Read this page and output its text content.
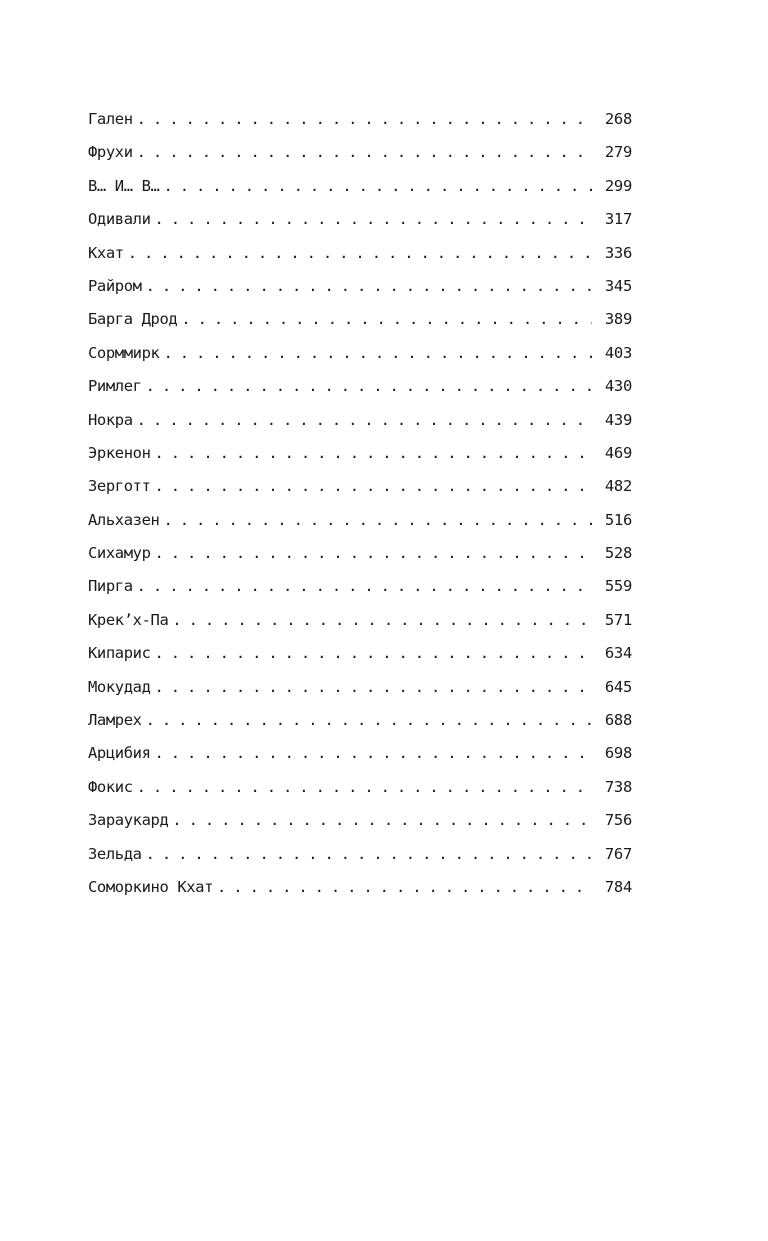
Гален . . .	268
Фрухи . . .	279
В… И… В… . . .	299
Одивали . . .	317
Кхат . . .	336
Райром . . .	345
Барга Дрод . . .	389
Сорммирк . . .	403
Римлег . . .	430
Нокра . . .	439
Эркенон . . .	469
Зерготт . . .	482
Альхазен . . .	516
Сихамур . . .	528
Пирга . . .	559
Крек’х-Па . . .	571
Кипарис . . .	634
Мокудад . . .	645
Ламрех . . .	688
Арцибия . . .	698
Фокис . . .	738
Зараукард . . .	756
Зельда . . .	767
Соморкино Кхат . . .	784
